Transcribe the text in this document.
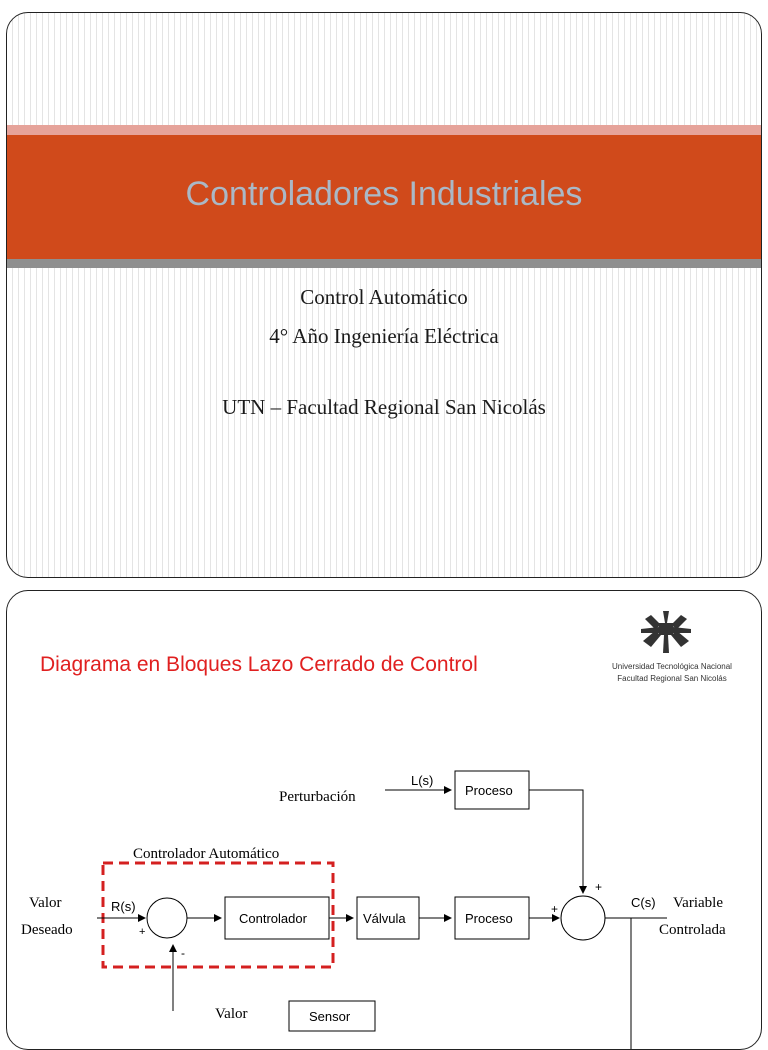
Controladores Industriales
Control Automático
4° Año Ingeniería Eléctrica
UTN – Facultad Regional San Nicolás
Diagrama en Bloques Lazo Cerrado de Control	Universidad Tecnológica Nacional
Facultad Regional San Nicolás
Perturbación
Controlador Automático
Valor
Deseado
Variable
Controlada
Valor
L(s)
Proceso
R(s)
+
-
Controlador	Válvula	Proceso
+
+
C(s)
Sensor
